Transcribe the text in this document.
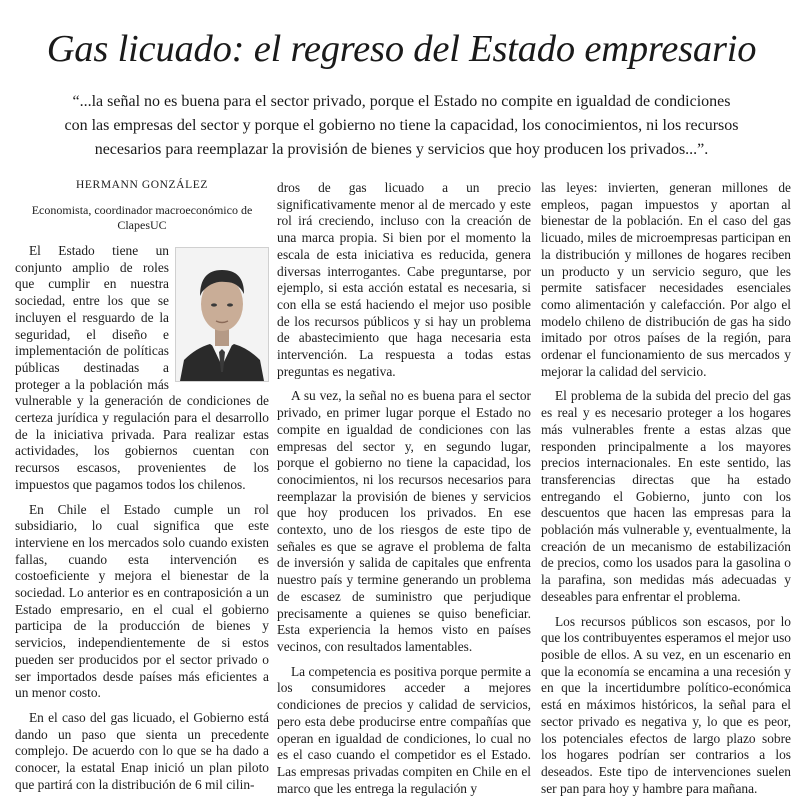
Gas licuado: el regreso del Estado empresario

“...la señal no es buena para el sector privado, porque el Estado no compite en igualdad de condiciones

con las empresas del sector y porque el gobierno no tiene la capacidad, los conocimientos, ni los recursos

necesarios para reemplazar la provisión de bienes y servicios que hoy producen los privados...”.

HERMANN GONZÁLEZ
Economista, coordinador macroeconómico de
ClapesUC

El Estado tiene un conjunto amplio de roles que cumplir en nuestra sociedad, entre los que se incluyen el resguardo de la seguridad, el diseño e implementación de políticas públicas destinadas a proteger a la población más vulnerable y la generación de condiciones de certeza jurídica y regulación para el desarrollo de la iniciativa privada. Para realizar estas actividades, los gobiernos cuentan con recursos escasos, provenientes de los impuestos que pagamos todos los chilenos.

En Chile el Estado cumple un rol subsidiario, lo cual significa que este interviene en los mercados solo cuando existen fallas, cuando esta intervención es costoeficiente y mejora el bienestar de la sociedad. Lo anterior es en contraposición a un Estado empresario, en el cual el gobierno participa de la producción de bienes y servicios, independientemente de si estos pueden ser producidos por el sector privado o ser importados desde países más eficientes a un menor costo.

En el caso del gas licuado, el Gobierno está dando un paso que sienta un precedente complejo. De acuerdo con lo que se ha dado a conocer, la estatal Enap inició un plan piloto que partirá con la distribución de 6 mil cilin-

dros de gas licuado a un precio significativamente menor al de mercado y este rol irá creciendo, incluso con la creación de una marca propia. Si bien por el momento la escala de esta iniciativa es reducida, genera diversas interrogantes. Cabe preguntarse, por ejemplo, si esta acción estatal es necesaria, si con ella se está haciendo el mejor uso posible de los recursos públicos y si hay un problema de abastecimiento que haga necesaria esta intervención. La respuesta a todas estas preguntas es negativa.

A su vez, la señal no es buena para el sector privado, en primer lugar porque el Estado no compite en igualdad de condiciones con las empresas del sector y, en segundo lugar, porque el gobierno no tiene la capacidad, los conocimientos, ni los recursos necesarios para reemplazar la provisión de bienes y servicios que hoy producen los privados. En ese contexto, uno de los riesgos de este tipo de señales es que se agrave el problema de falta de inversión y salida de capitales que enfrenta nuestro país y termine generando un problema de escasez de suministro que perjudique precisamente a quienes se quiso beneficiar. Esta experiencia la hemos visto en países vecinos, con resultados lamentables.

La competencia es positiva porque permite a los consumidores acceder a mejores condiciones de precios y calidad de servicios, pero esta debe producirse entre compañías que operan en igualdad de condiciones, lo cual no es el caso cuando el competidor es el Estado. Las empresas privadas compiten en Chile en el marco que les entrega la regulación y

las leyes: invierten, generan millones de empleos, pagan impuestos y aportan al bienestar de la población. En el caso del gas licuado, miles de microempresas participan en la distribución y millones de hogares reciben un producto y un servicio seguro, que les permite satisfacer necesidades esenciales como alimentación y calefacción. Por algo el modelo chileno de distribución de gas ha sido imitado por otros países de la región, para ordenar el funcionamiento de sus mercados y mejorar la calidad del servicio.

El problema de la subida del precio del gas es real y es necesario proteger a los hogares más vulnerables frente a estas alzas que responden principalmente a los mayores precios internacionales. En este sentido, las transferencias directas que ha estado entregando el Gobierno, junto con los descuentos que hacen las empresas para la población más vulnerable y, eventualmente, la creación de un mecanismo de estabilización de precios, como los usados para la gasolina o la parafina, son medidas más adecuadas y deseables para enfrentar el problema.

Los recursos públicos son escasos, por lo que los contribuyentes esperamos el mejor uso posible de ellos. A su vez, en un escenario en que la economía se encamina a una recesión y en que la incertidumbre político-económica está en máximos históricos, la señal para el sector privado es negativa y, lo que es peor, los potenciales efectos de largo plazo sobre los hogares podrían ser contrarios a los deseados. Este tipo de intervenciones suelen ser pan para hoy y hambre para mañana.
